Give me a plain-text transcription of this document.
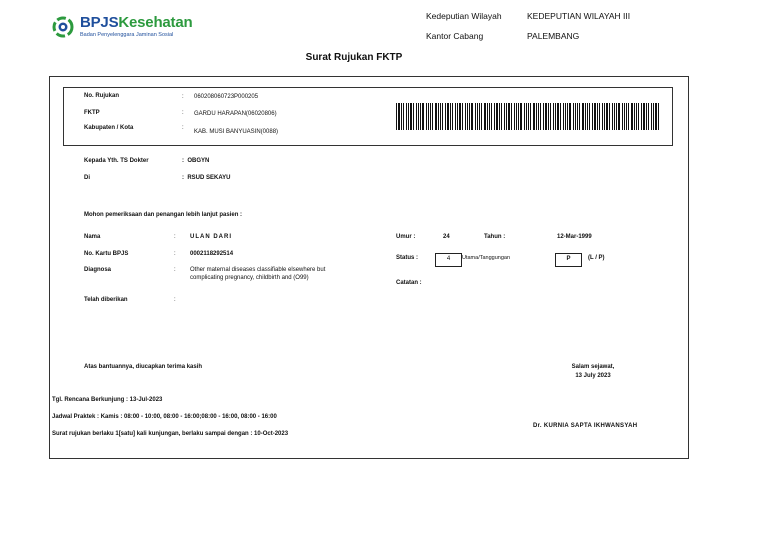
BPJSKesehatan
Badan Penyelenggara Jaminan Sosial
Kedeputian Wilayah	KEDEPUTIAN WILAYAH III
Kantor Cabang	PALEMBANG
Surat Rujukan FKTP
No. Rujukan	: 060208060723P000205
FKTP	: GARDU HARAPAN(06020806)
Kabupaten / Kota	:
KAB. MUSI BANYUASIN(0088)
Kepada Yth. TS Dokter	: OBGYN
Di	: RSUD SEKAYU
Mohon pemeriksaan dan penangan lebih lanjut pasien :
Nama	: ULAN DARI
No. Kartu BPJS	: 0002118292514
Diagnosa	: Other maternal diseases classifiable elsewhere but
complicating pregnancy, childbirth and (O99)
Telah diberikan	:
Umur :	24	Tahun :	12-Mar-1999
Status :	4	Utama/Tanggungan	P	(L / P)
Catatan :
Atas bantuannya, diucapkan terima kasih	Salam sejawat,
13 July 2023
Tgl. Rencana Berkunjung : 13-Jul-2023
Jadwal Praktek : Kamis : 08:00 - 10:00, 08:00 - 16:00;08:00 - 16:00, 08:00 - 16:00
Surat rujukan berlaku 1[satu] kali kunjungan, berlaku sampai dengan : 10-Oct-2023
Dr. KURNIA SAPTA IKHWANSYAH
